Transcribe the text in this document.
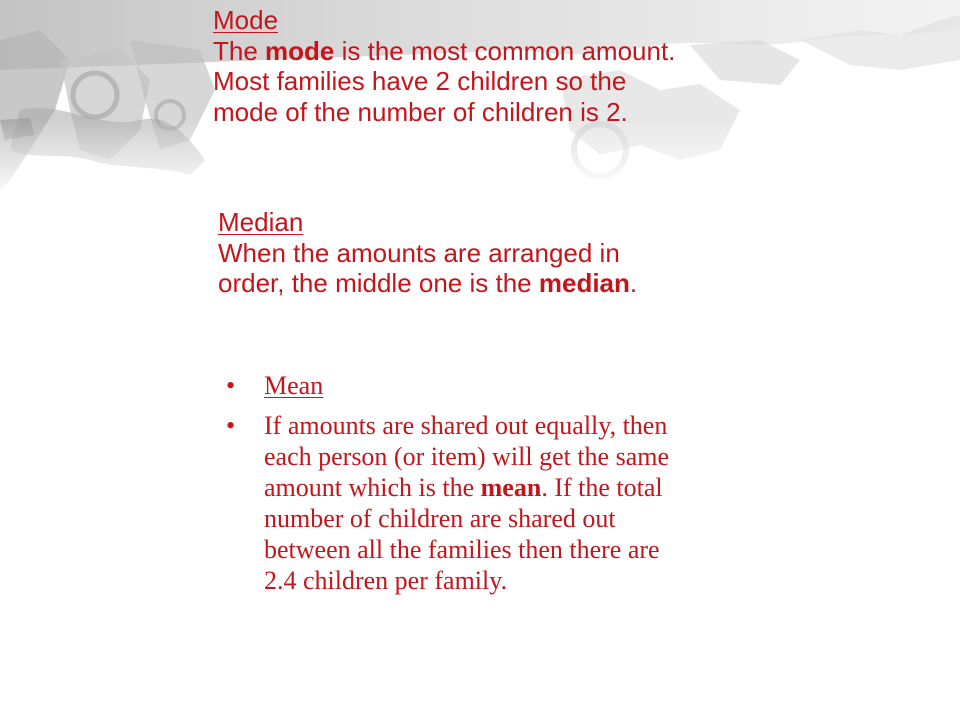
Mode
The mode is the most common amount. Most families have 2 children so the mode of the number of children is 2.
Median
When the amounts are arranged in order, the middle one is the median.
• Mean
• If amounts are shared out equally, then each person (or item) will get the same amount which is the mean. If the total number of children are shared out between all the families then there are 2.4 children per family.
